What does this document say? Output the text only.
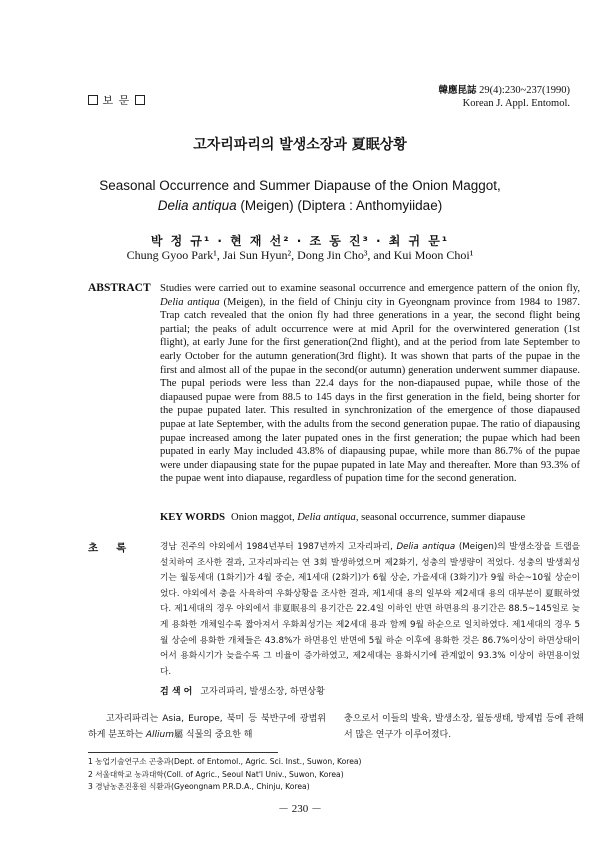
보 문
韓應昆誌 29(4):230~237(1990)
Korean J. Appl. Entomol.
고자리파리의 발생소장과 夏眠상황
Seasonal Occurrence and Summer Diapause of the Onion Maggot,
Delia antiqua (Meigen) (Diptera : Anthomyiidae)
박 정 규¹ · 현 재 선² · 조 동 진³ · 최 귀 문¹
Chung Gyoo Park¹, Jai Sun Hyun², Dong Jin Cho³, and Kui Moon Choi¹
ABSTRACT Studies were carried out to examine seasonal occurrence and emergence pattern of the onion fly, Delia antiqua (Meigen), in the field of Chinju city in Gyeongnam province from 1984 to 1987. Trap catch revealed that the onion fly had three generations in a year, the second flight being partial; the peaks of adult occurrence were at mid April for the overwintered generation (1st flight), at early June for the first generation(2nd flight), and at the period from late September to early October for the autumn generation(3rd flight). It was shown that parts of the pupae in the first and almost all of the pupae in the second(or autumn) generation underwent summer diapause. The pupal periods were less than 22.4 days for the non-diapaused pupae, while those of the diapaused pupae were from 88.5 to 145 days in the first generation in the field, being shorter for the pupae pupated later. This resulted in synchronization of the emergence of those diapaused pupae at late September, with the adults from the second generation pupae. The ratio of diapausing pupae increased among the later pupated ones in the first generation; the pupae which had been pupated in early May included 43.8% of diapausing pupae, while more than 86.7% of the pupae were under diapausing state for the pupae pupated in late May and thereafter. More than 93.3% of the pupae went into diapause, regardless of pupation time for the second generation.
KEY WORDS Onion maggot, Delia antiqua, seasonal occurrence, summer diapause
초록 경남 진주의 야외에서 1984년부터 1987년까지 고자리파리, Delia antiqua (Meigen)의 발생소장을 트랩을 설치하여 조사한 결과, 고자리파리는 연 3회 발생하였으며 제2화기, 성충의 발생량이 적었다. 성충의 발생최성기는 월동세대 (1화기)가 4월 중순, 제1세대 (2화기)가 6월 상순, 가을세대 (3화기)가 9월 하순~10월 상순이었다. 야외에서 충을 사육하여 우화상황을 조사한 결과, 제1세대 용의 일부와 제2세대 용의 대부분이 夏眠하였다. 제1세대의 경우 야외에서 非夏眠용의 용기간은 22.4일 이하인 반면 하면용의 용기간은 88.5~145일로 늦게 용화한 개체일수록 짧아져서 우화최성기는 제2세대 용과 함께 9월 하순으로 일치하였다. 제1세대의 경우 5월 상순에 용화한 개체들은 43.8%가 하면용인 반면에 5월 하순 이후에 용화한 것은 86.7%이상이 하면상태이어서 용화시기가 늦을수록 그 비율이 증가하였고, 제2세대는 용화시기에 관계없이 93.3% 이상이 하면용이었다.
검 색 어 고자리파리, 발생소장, 하면상황
고자리파리는 Asia, Europe, 북미 등 북반구에 광범위하게 분포하는 Allium屬 식물의 중요한 해
충으로서 이들의 발육, 발생소장, 월동생태, 방제법 등에 관해서 많은 연구가 이루어졌다.
1 농업기술연구소 곤충과(Dept. of Entomol., Agric. Sci. Inst., Suwon, Korea)
2 서울대학교 농과대학(Coll. of Agric., Seoul Nat'l Univ., Suwon, Korea)
3 경남농촌진흥원 식환과(Gyeongnam P.R.D.A., Chinju, Korea)
－ 230 －
